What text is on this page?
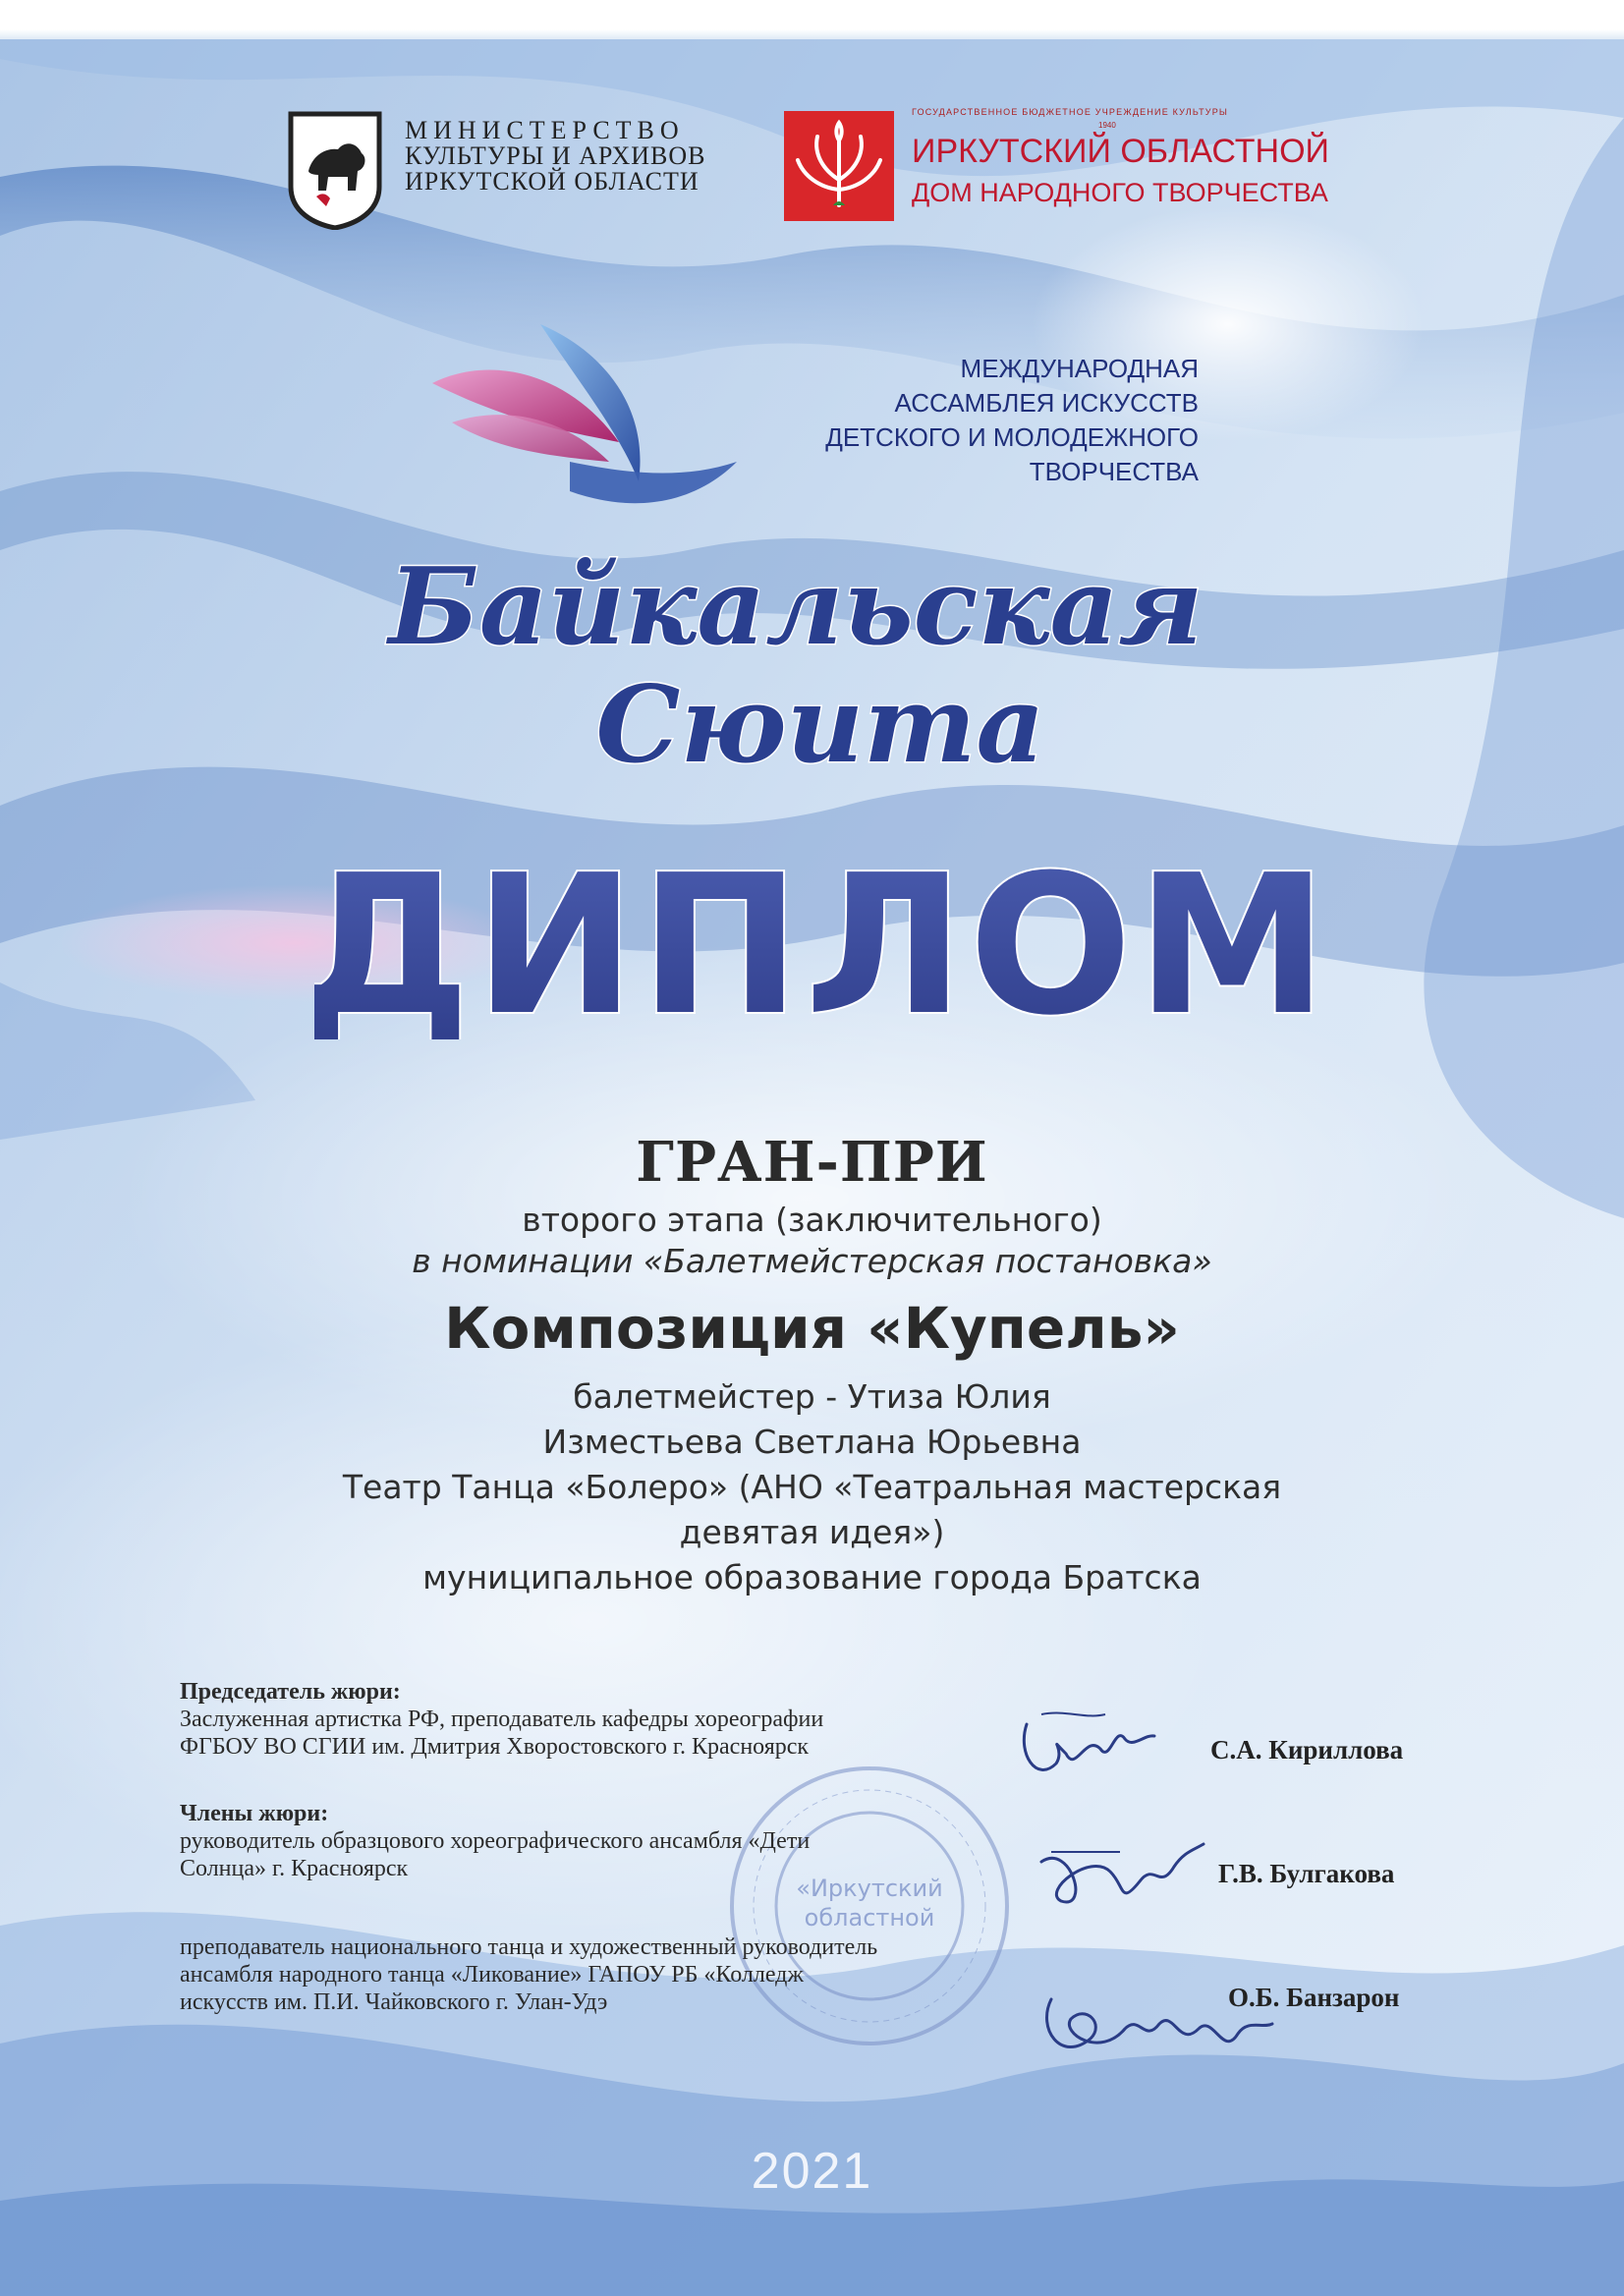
МИНИСТЕРСТВО
КУЛЬТУРЫ И АРХИВОВ
ИРКУТСКОЙ ОБЛАСТИ
ГОСУДАРСТВЕННОЕ БЮДЖЕТНОЕ УЧРЕЖДЕНИЕ КУЛЬТУРЫ
1940
ИРКУТСКИЙ ОБЛАСТНОЙ
ДОМ НАРОДНОГО ТВОРЧЕСТВА
МЕЖДУНАРОДНАЯ
АССАМБЛЕЯ ИСКУССТВ
ДЕТСКОГО И МОЛОДЕЖНОГО
ТВОРЧЕСТВА
Байкальская
Сюита
ДИПЛОМ
ГРАН-ПРИ
второго этапа (заключительного)
в номинации «Балетмейстерская постановка»
Композиция «Купель»
балетмейстер - Утиза Юлия
Изместьева Светлана Юрьевна
Театр Танца «Болеро» (АНО «Театральная мастерская
девятая идея»)
муниципальное образование города Братска
«Иркутский
областной
Председатель жюри:
Заслуженная артистка РФ, преподаватель кафедры хореографии
ФГБОУ ВО СГИИ им. Дмитрия Хворостовского г. Красноярск
Члены жюри:
руководитель образцового хореографического ансамбля «Дети
Солнца» г. Красноярск
преподаватель национального танца и художественный руководитель
ансамбля народного танца «Ликование» ГАПОУ РБ «Колледж
искусств им. П.И. Чайковского г. Улан-Удэ
С.А. Кириллова
Г.В. Булгакова
О.Б. Банзарон
2021
